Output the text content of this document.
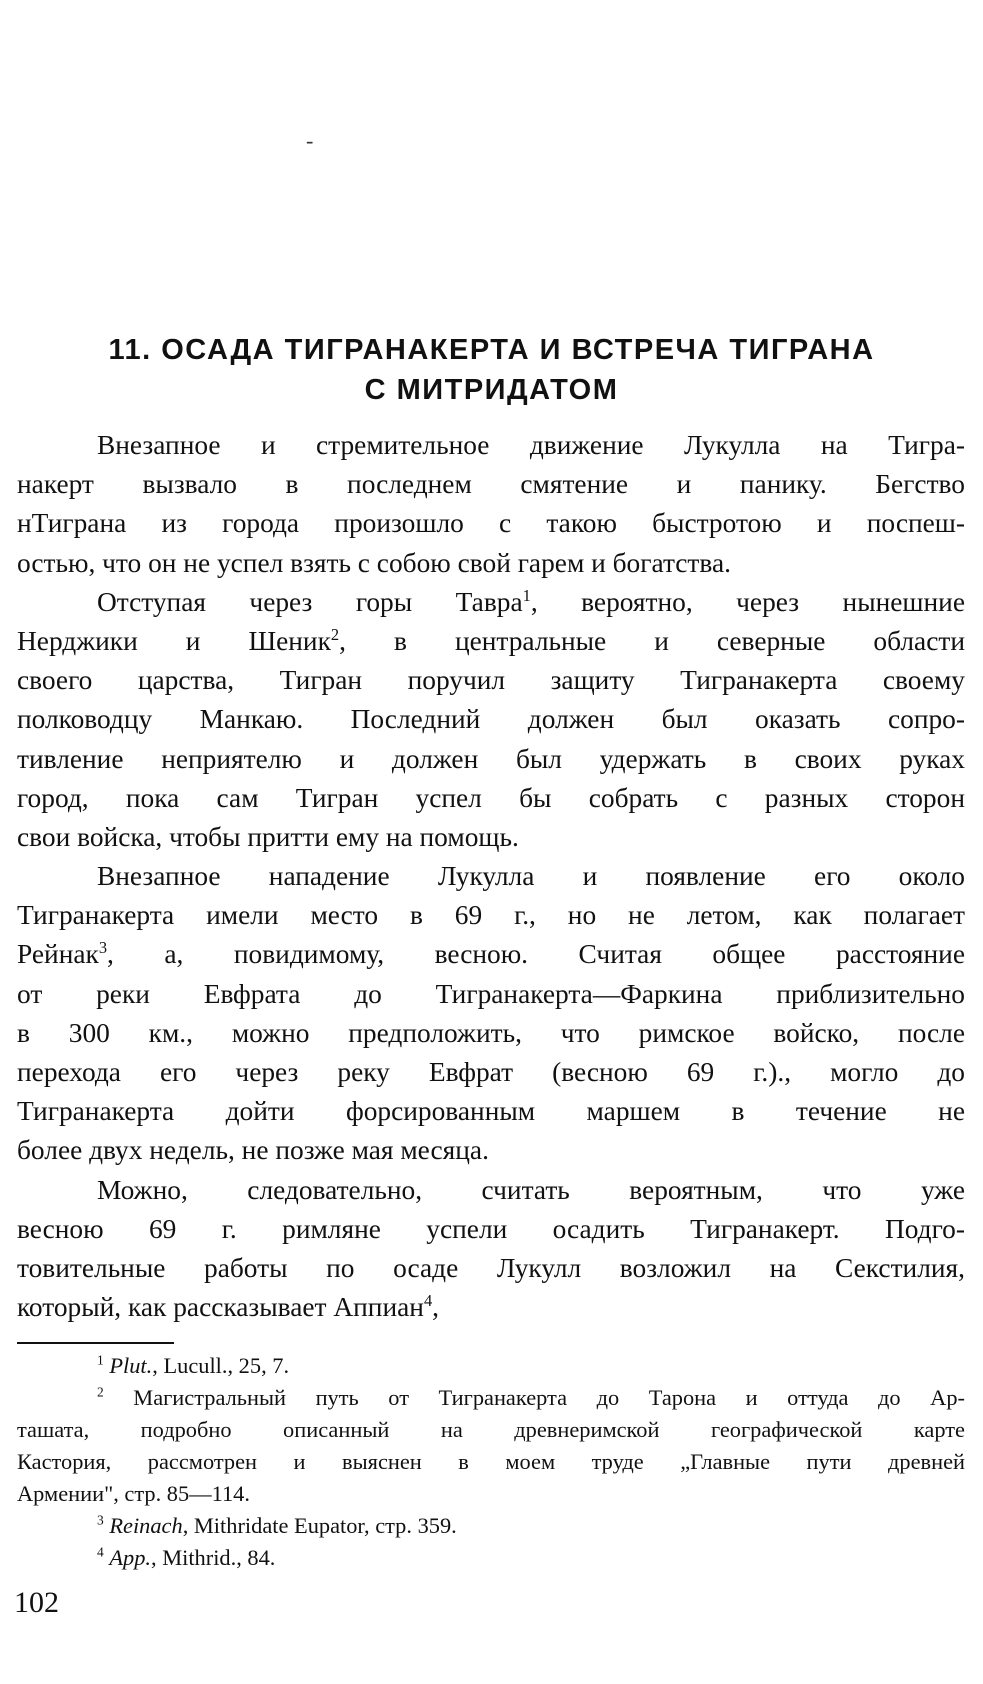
-
11. ОСАДА ТИГРАНАКЕРТА И ВСТРЕЧА ТИГРАНА
С МИТРИДАТОМ
Внезапное и стремительное движение Лукулла на Тигра-
накерт вызвало в последнем смятение и панику. Бегство
нТиграна из города произошло с такою быстротою и поспеш-
остью, что он не успел взять с собою свой гарем и богатства.
Отступая через горы Тавра$^1$, вероятно, через нынешние
Нерджики и Шеник$^2$, в центральные и северные области
своего царства, Тигран поручил защиту Тигранакерта своему
полководцу Манкаю. Последний должен был оказать сопро-
тивление неприятелю и должен был удержать в своих руках
город, пока сам Тигран успел бы собрать с разных сторон
свои войска, чтобы притти ему на помощь.
Внезапное нападение Лукулла и появление его около
Тигранакерта имели место в 69 г., но не летом, как полагает
Рейнак$^3$, а, повидимому, весною. Считая общее расстояние
от реки Евфрата до Тигранакерта—Фаркина приблизительно
в 300 км., можно предположить, что римское войско, после
перехода его через реку Евфрат (весною 69 г.)., могло до
Тигранакерта дойти форсированным маршем в течение не
более двух недель, не позже мая месяца.
Можно, следовательно, считать вероятным, что уже
весною 69 г. римляне успели осадить Тигранакерт. Подго-
товительные работы по осаде Лукулл возложил на Секстилия,
который, как рассказывает Аппиан$^4$,
$^1$ Plut., Lucull., 25, 7.
$^2$ Магистральный путь от Тигранакерта до Тарона и оттуда до Ар-
ташата, подробно описанный на древнеримской географической карте
Кастория, рассмотрен и выяснен в моем труде „Главные пути древней
Армении", стр. 85—114.
$^3$ Reinach, Mithridate Eupator, стр. 359.
$^4$ App., Mithrid., 84.
102
